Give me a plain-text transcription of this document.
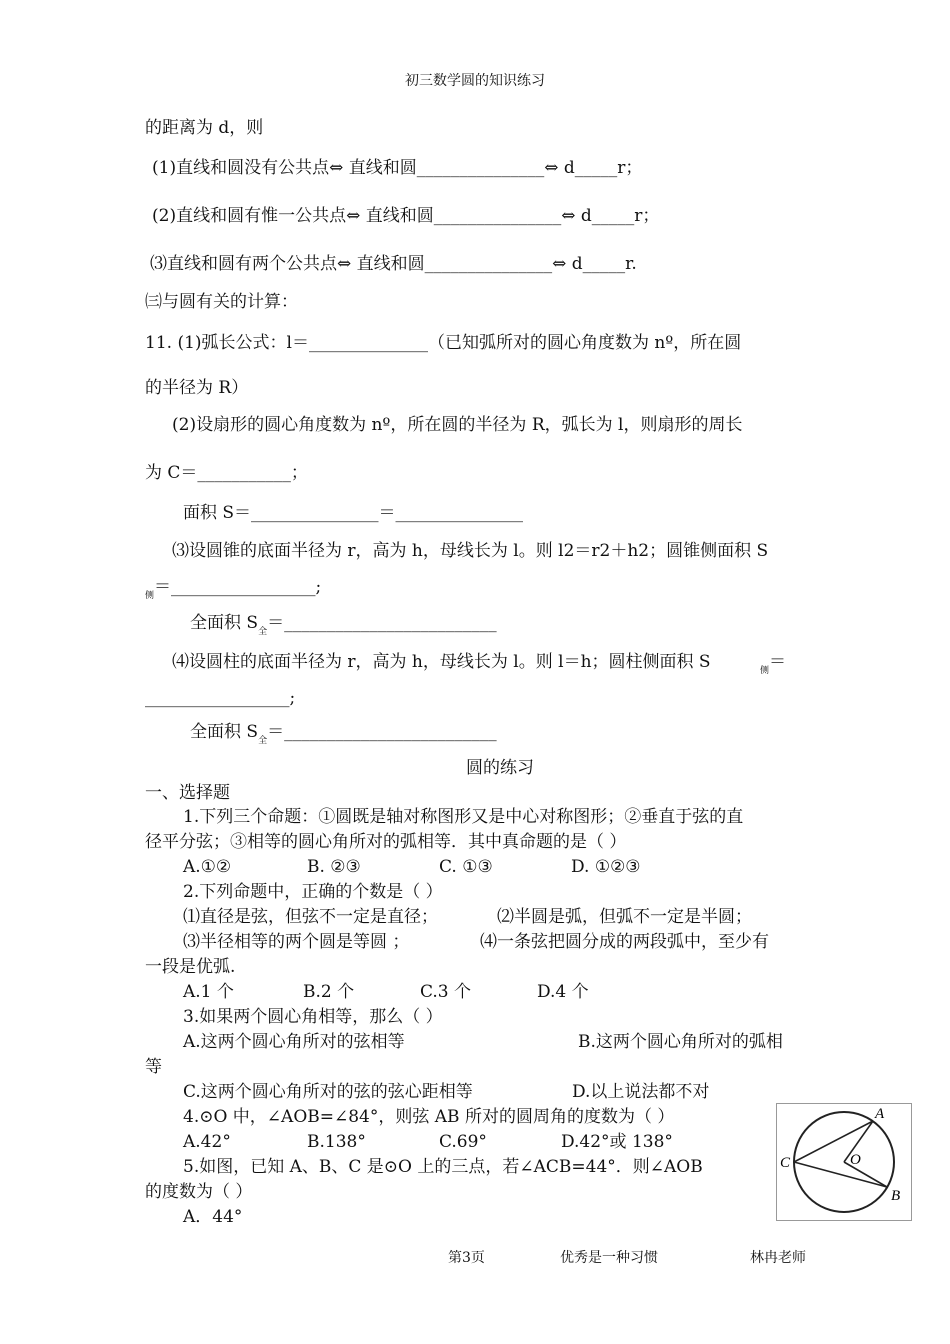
初三数学圆的知识练习
的距离为 d，则
(1)直线和圆没有公共点⇔ 直线和圆_______________⇔ d_____r；
(2)直线和圆有惟一公共点⇔ 直线和圆_______________⇔ d_____r；
⑶直线和圆有两个公共点⇔ 直线和圆_______________⇔ d_____r.
㈢与圆有关的计算：
11. (1)弧长公式：l＝______________（已知弧所对的圆心角度数为 nº，所在圆
的半径为 R）
(2)设扇形的圆心角度数为 nº，所在圆的半径为 R，弧长为 l，则扇形的周长
为 C＝___________；
面积 S＝_______________＝_______________
⑶设圆锥的底面半径为 r，高为 h，母线长为 l。则 l2＝r2＋h2；圆锥侧面积 S
$_侧$＝_________________;
全面积 $S_全=\_\_\_\_\_\_\_\_\_\_\_\_\_\_\_\_\_\_\_\_\_\_\_\_\_$
⑷设圆柱的底面半径为 r，高为 h，母线长为 l。则 l＝h；圆柱侧面积 S	$_侧$＝
_________________;
全面积 $S_全=\_\_\_\_\_\_\_\_\_\_\_\_\_\_\_\_\_\_\_\_\_\_\_\_\_$
圆的练习
一、选择题
1.下列三个命题：①圆既是轴对称图形又是中心对称图形；②垂直于弦的直
径平分弦；③相等的圆心角所对的弧相等．其中真命题的是（ ）
A.①②	B. ②③	C. ①③	D. ①②③
2.下列命题中，正确的个数是（ ）
⑴直径是弦，但弦不一定是直径；	⑵半圆是弧，但弧不一定是半圆；
⑶半径相等的两个圆是等圆 ；	⑷一条弦把圆分成的两段弧中，至少有
一段是优弧.
A.1 个	B.2 个	C.3 个	D.4 个
3.如果两个圆心角相等，那么（ ）
A.这两个圆心角所对的弦相等	B.这两个圆心角所对的弧相
等
C.这两个圆心角所对的弦的弦心距相等	D.以上说法都不对
4.⊙O 中，∠AOB=∠84°，则弦 AB 所对的圆周角的度数为（ ）
A.42°	B.138°	C.69°	D.42°或 138°
5.如图，已知 A、B、C 是⊙O 上的三点，若∠ACB=44°．则∠AOB
的度数为（ ）
A．44°
A
B
C	O
第3页	优秀是一种习惯	林冉老师
